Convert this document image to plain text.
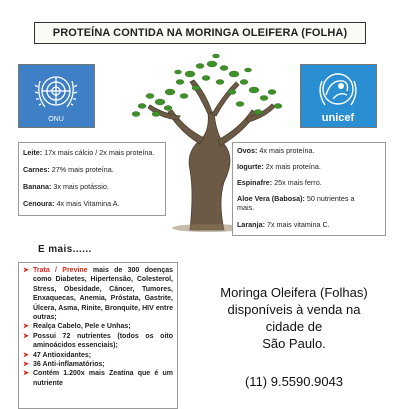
PROTEÍNA CONTIDA NA MORINGA OLEIFERA (FOLHA)
ONU	unicef
Leite: 17x mais cálcio / 2x mais proteína.
Carnes: 27% mais proteína.
Banana: 3x mais potássio.
Cenoura: 4x mais Vitamina A.
Ovos: 4x mais proteína.
Iogurte: 2x mais proteína.
Espinafre: 25x mais ferro.
Aloe Vera (Babosa): 50 nutrientes a
mais.
Laranja: 7x mais vitamina C.
E mais......
➤ Trata / Previne mais de 300 doenças como Diabetes, Hipertensão, Colesterol, Stress, Obesidade, Câncer, Tumores, Enxaquecas, Anemia, Próstata, Gastrite, Úlcera, Asma, Rinite, Bronquite, HIV entre outras;
➤ Realça Cabelo, Pele e Unhas;
➤ Possui 72 nutrientes (todos os oito aminoácidos essenciais);
➤ 47 Antioxidantes;
➤ 36 Anti-inflamatórios;
➤ Contém 1.200x mais Zeatina que é um nutriente
Moringa Oleifera (Folhas)
disponíveis à venda na
cidade de
São Paulo.
(11) 9.5590.9043
